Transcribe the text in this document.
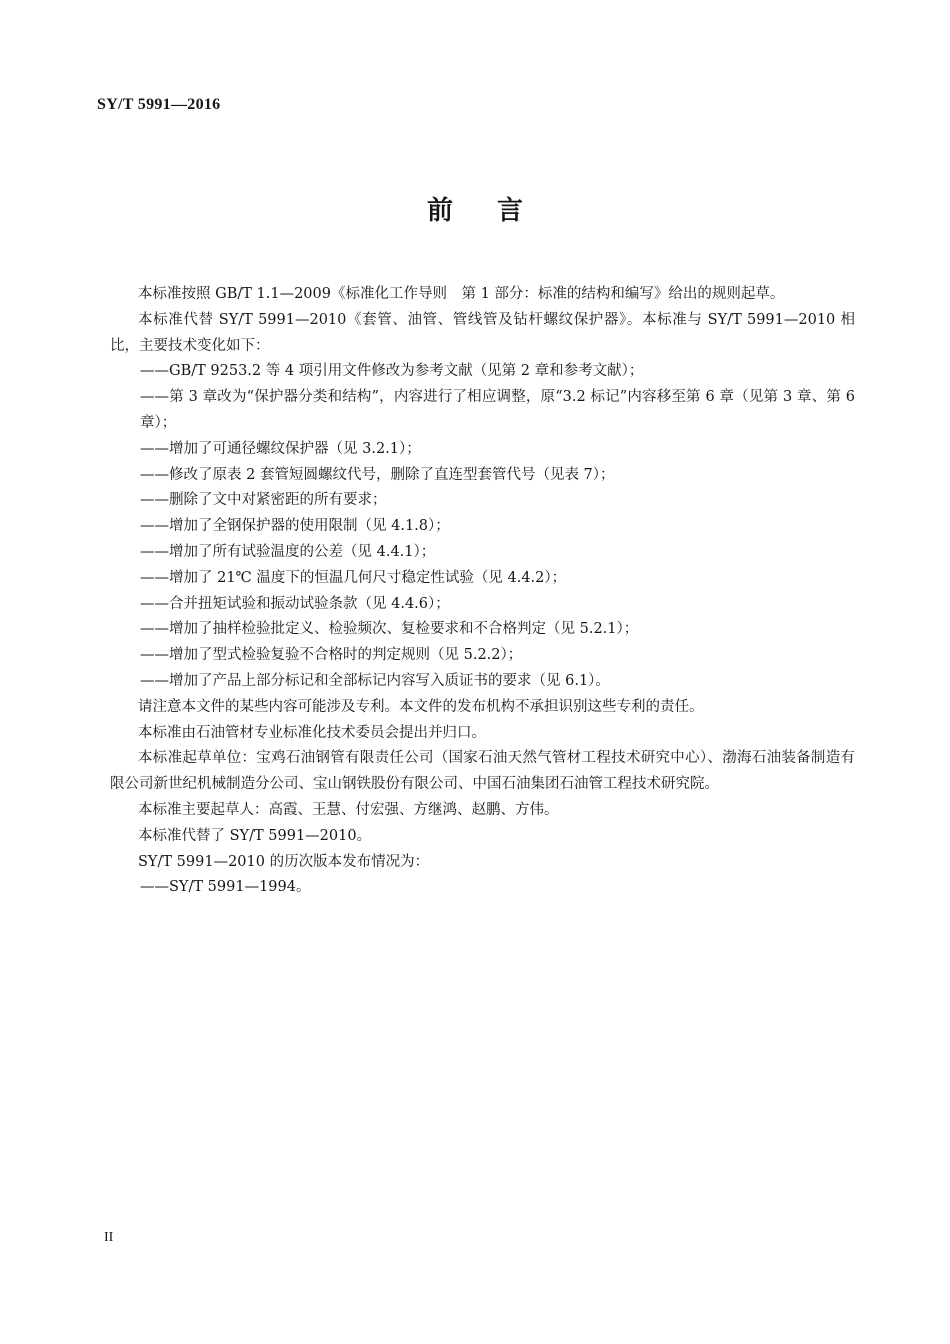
SY/T 5991—2016
前言

本标准按照 GB/T 1.1—2009《标准化工作导则　第 1 部分：标准的结构和编写》给出的规则起草。

本标准代替 SY/T 5991—2010《套管、油管、管线管及钻杆螺纹保护器》。本标准与 SY/T 5991—2010 相比，主要技术变化如下：

——GB/T 9253.2 等 4 项引用文件修改为参考文献（见第 2 章和参考文献）；

——第 3 章改为“保护器分类和结构”，内容进行了相应调整，原“3.2 标记”内容移至第 6 章（见第 3 章、第 6 章）；

——增加了可通径螺纹保护器（见 3.2.1）；

——修改了原表 2 套管短圆螺纹代号，删除了直连型套管代号（见表 7）；

——删除了文中对紧密距的所有要求；

——增加了全钢保护器的使用限制（见 4.1.8）；

——增加了所有试验温度的公差（见 4.4.1）；

——增加了 21℃ 温度下的恒温几何尺寸稳定性试验（见 4.4.2）；

——合并扭矩试验和振动试验条款（见 4.4.6）；

——增加了抽样检验批定义、检验频次、复检要求和不合格判定（见 5.2.1）；

——增加了型式检验复验不合格时的判定规则（见 5.2.2）；

——增加了产品上部分标记和全部标记内容写入质证书的要求（见 6.1）。

请注意本文件的某些内容可能涉及专利。本文件的发布机构不承担识别这些专利的责任。

本标准由石油管材专业标准化技术委员会提出并归口。

本标准起草单位：宝鸡石油钢管有限责任公司（国家石油天然气管材工程技术研究中心）、渤海石油装备制造有限公司新世纪机械制造分公司、宝山钢铁股份有限公司、中国石油集团石油管工程技术研究院。

本标准主要起草人：高霞、王慧、付宏强、方继鸿、赵鹏、方伟。

本标准代替了 SY/T 5991—2010。

SY/T 5991—2010 的历次版本发布情况为：

——SY/T 5991—1994。

II
